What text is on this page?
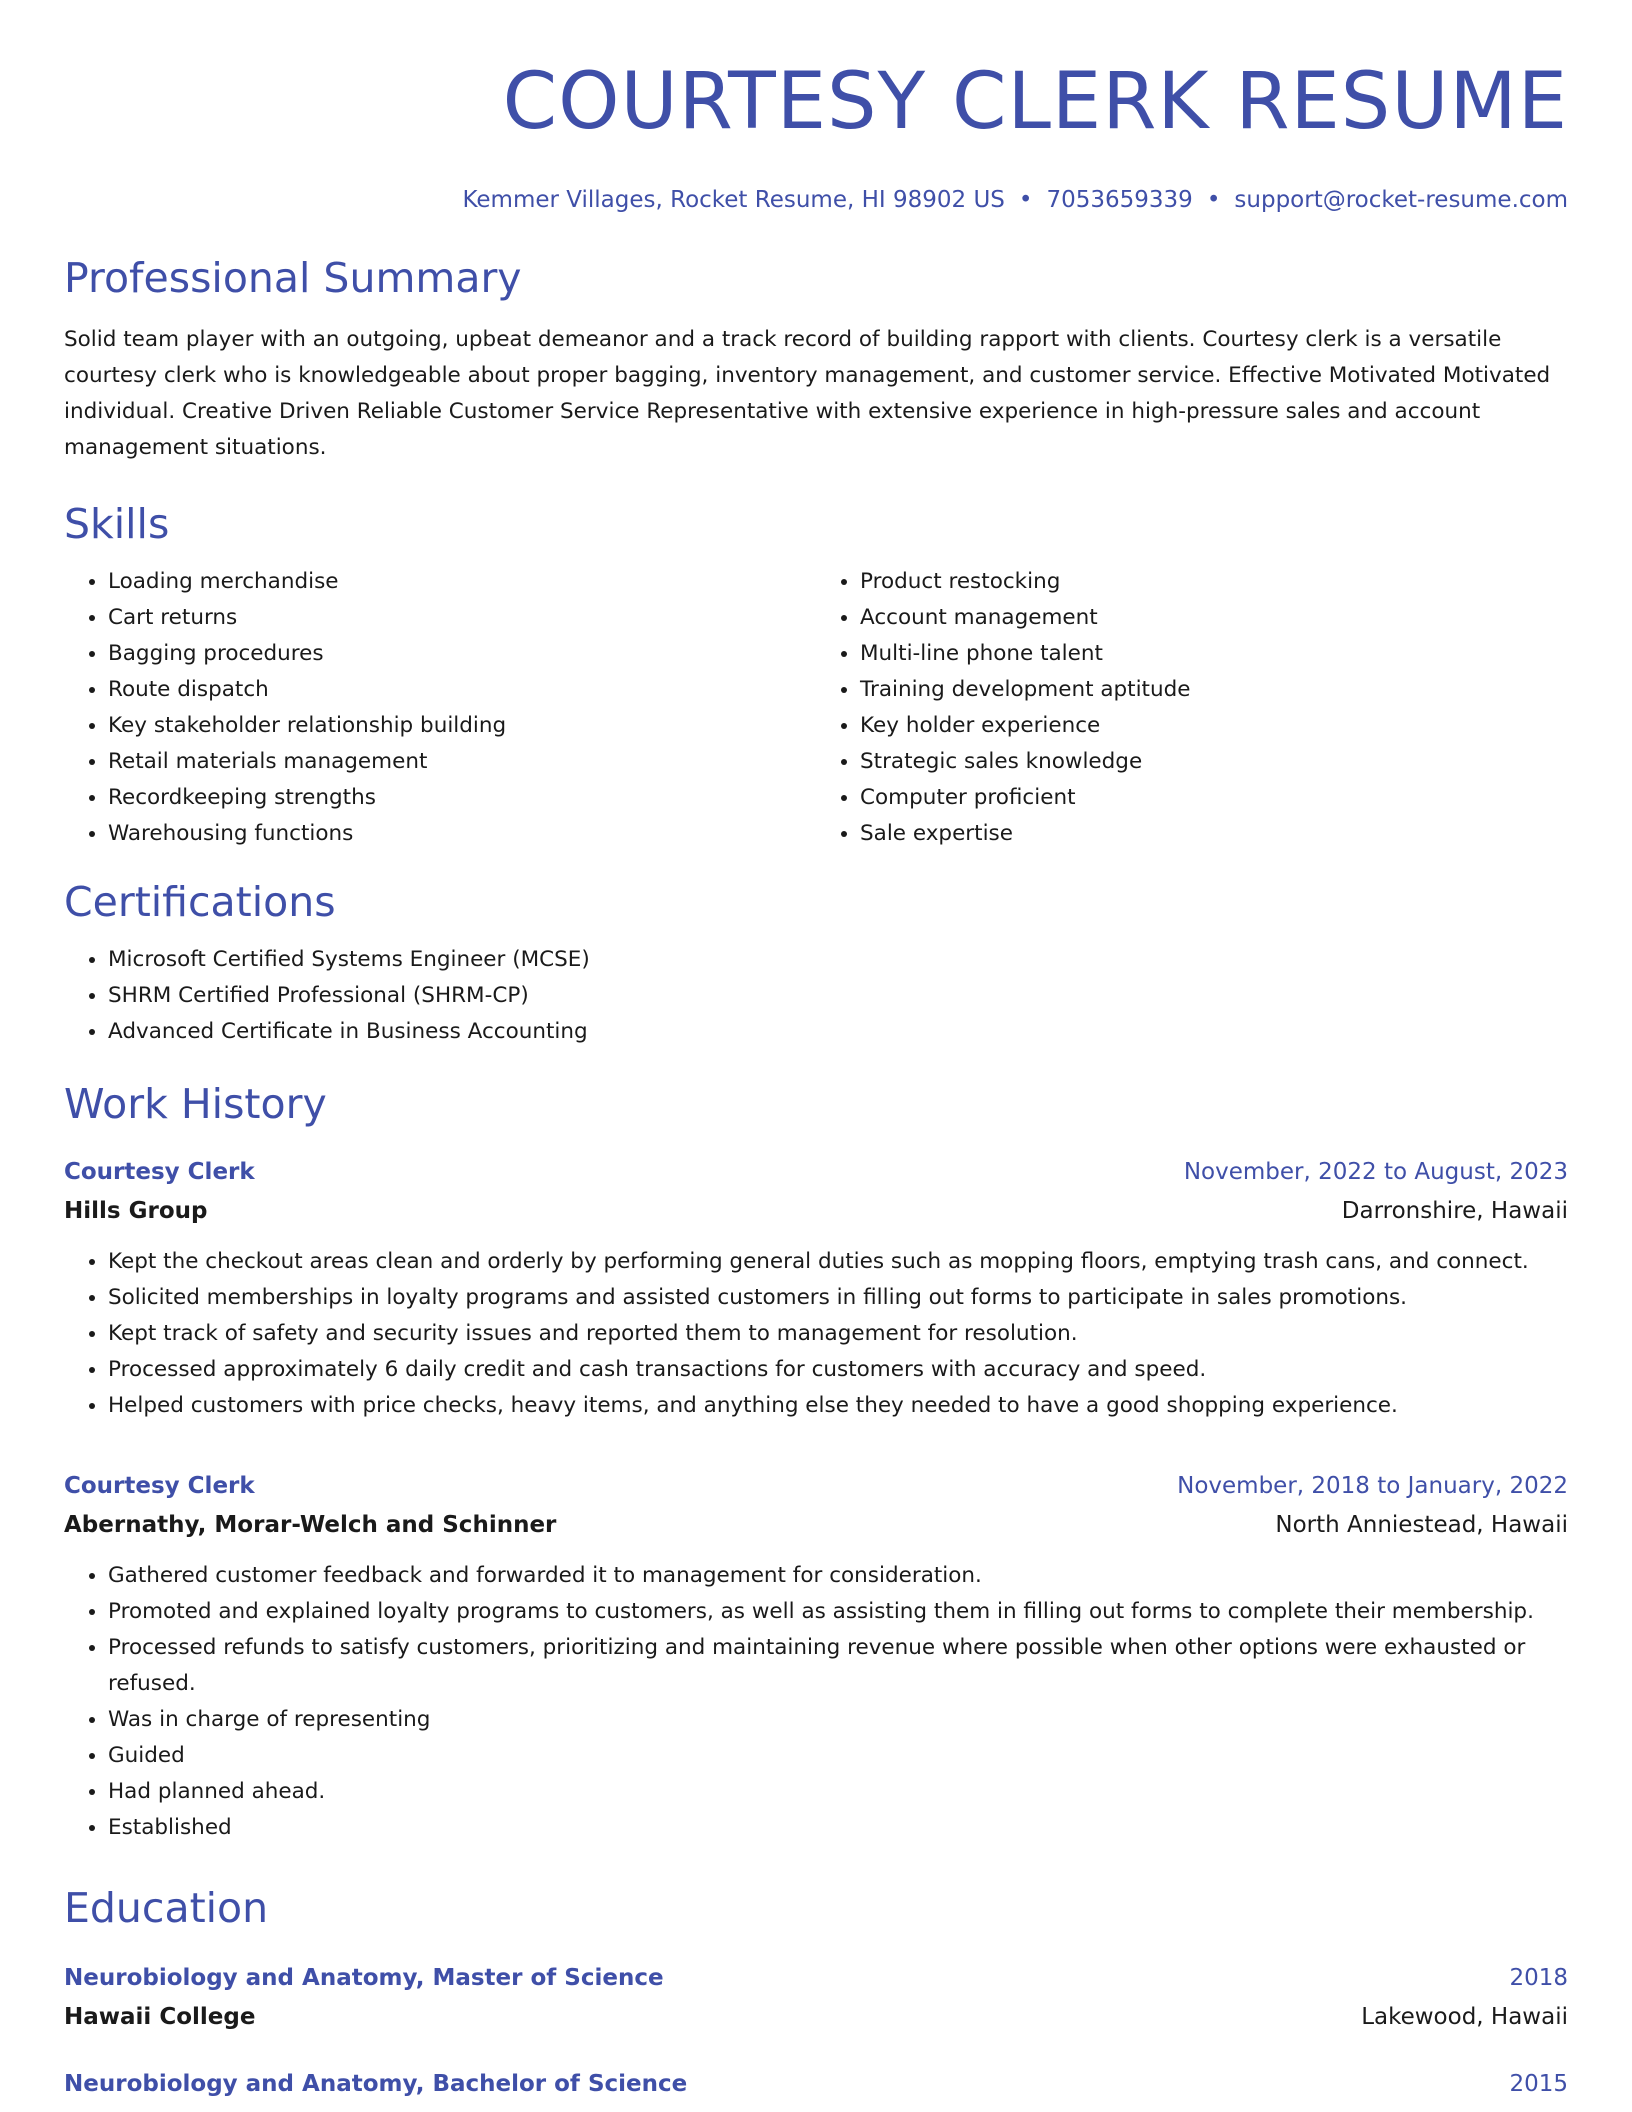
COURTESY CLERK RESUME
Kemmer Villages, Rocket Resume, HI 98902 US • 7053659339 • support@rocket-resume.com
Professional Summary
Solid team player with an outgoing, upbeat demeanor and a track record of building rapport with clients. Courtesy clerk is a versatile courtesy clerk who is knowledgeable about proper bagging, inventory management, and customer service. Effective Motivated Motivated individual. Creative Driven Reliable Customer Service Representative with extensive experience in high-pressure sales and account management situations.
Skills
• Loading merchandise
• Cart returns
• Bagging procedures
• Route dispatch
• Key stakeholder relationship building
• Retail materials management
• Recordkeeping strengths
• Warehousing functions
• Product restocking
• Account management
• Multi-line phone talent
• Training development aptitude
• Key holder experience
• Strategic sales knowledge
• Computer proficient
• Sale expertise
Certifications
• Microsoft Certified Systems Engineer (MCSE)
• SHRM Certified Professional (SHRM-CP)
• Advanced Certificate in Business Accounting
Work History
Courtesy Clerk	November, 2022 to August, 2023
Hills Group	Darronshire, Hawaii
• Kept the checkout areas clean and orderly by performing general duties such as mopping floors, emptying trash cans, and connect.
• Solicited memberships in loyalty programs and assisted customers in filling out forms to participate in sales promotions.
• Kept track of safety and security issues and reported them to management for resolution.
• Processed approximately 6 daily credit and cash transactions for customers with accuracy and speed.
• Helped customers with price checks, heavy items, and anything else they needed to have a good shopping experience.
Courtesy Clerk	November, 2018 to January, 2022
Abernathy, Morar-Welch and Schinner	North Anniestead, Hawaii
• Gathered customer feedback and forwarded it to management for consideration.
• Promoted and explained loyalty programs to customers, as well as assisting them in filling out forms to complete their membership.
• Processed refunds to satisfy customers, prioritizing and maintaining revenue where possible when other options were exhausted or refused.
• Was in charge of representing
• Guided
• Had planned ahead.
• Established
Education
Neurobiology and Anatomy, Master of Science	2018
Hawaii College	Lakewood, Hawaii
Neurobiology and Anatomy, Bachelor of Science	2015
